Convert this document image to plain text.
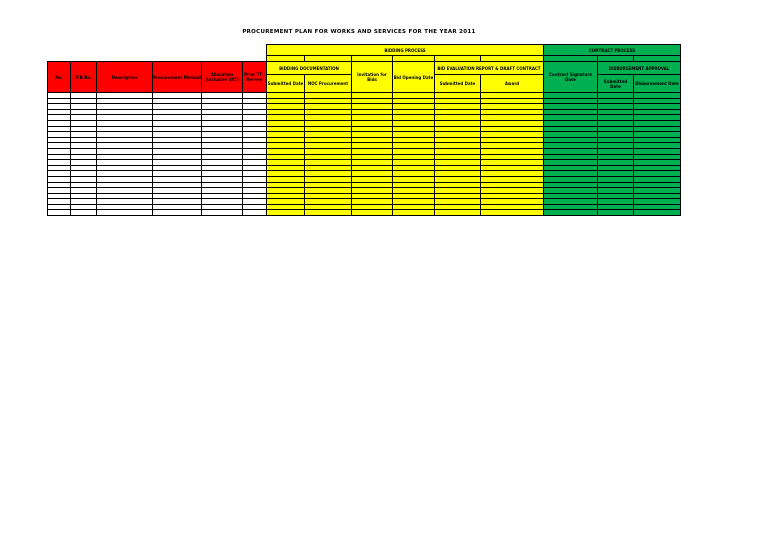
PROCUREMENT PLAN FOR WORKS AND SERVICES FOR THE YEAR 2011
						BIDDING PROCESS						CONTRACT PROCESS		

No.	IFB No.	Description	Procurement Method	Allocation (Inclusive VAT)	Prior TT / Review	BIDDING DOCUMENTATION		Invitation for Bids	Bid Opening Date	BID EVALUATION REPORT & DRAFT CONTRACT		Contract Signature Date	DISBURSEMENT APPROVAL	
						Submitted Date	NOC Procurement			Submitted Date	Award		Submitted Date	Disbursement Date
